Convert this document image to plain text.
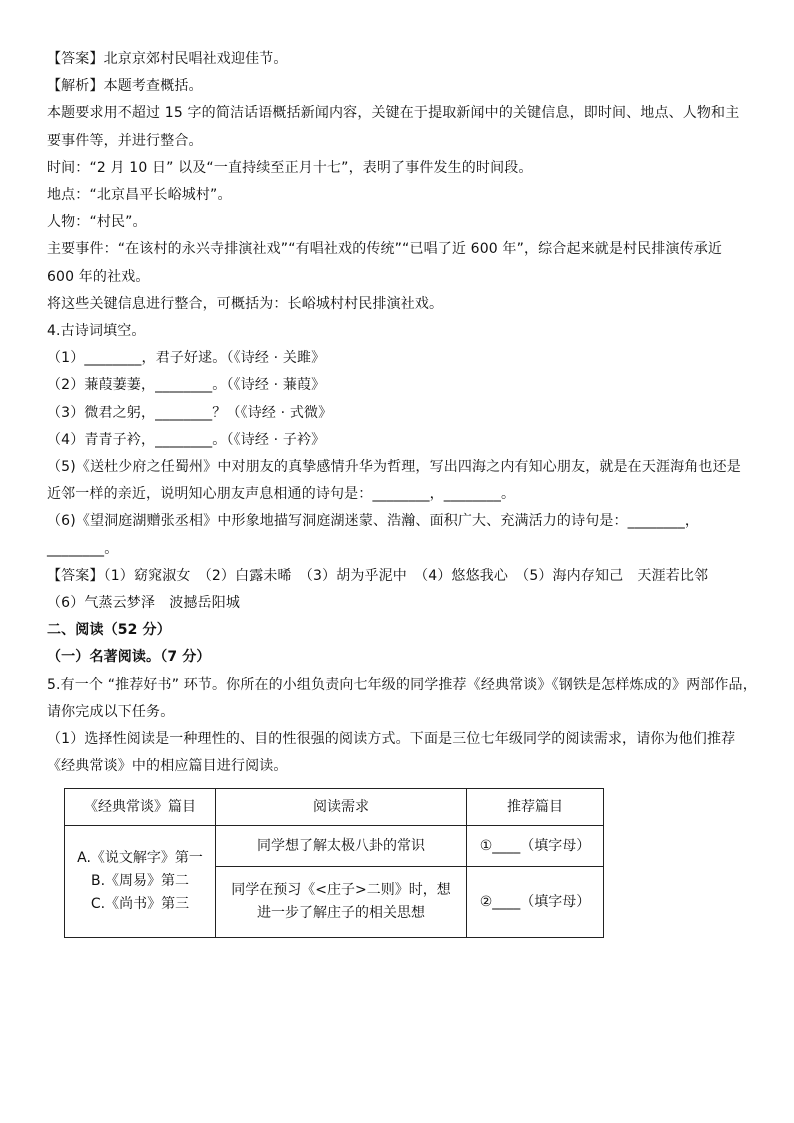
【答案】北京京郊村民唱社戏迎佳节。
【解析】本题考查概括。
本题要求用不超过 15 字的简洁话语概括新闻内容，关键在于提取新闻中的关键信息，即时间、地点、人物和主
要事件等，并进行整合。
时间：“2 月 10 日” 以及“一直持续至正月十七”，表明了事件发生的时间段。
地点：“北京昌平长峪城村”。
人物：“村民”。
主要事件：“在该村的永兴寺排演社戏”“有唱社戏的传统”“已唱了近 600 年”，综合起来就是村民排演传承近
600 年的社戏。
将这些关键信息进行整合，可概括为：长峪城村村民排演社戏。
4.古诗词填空。
（1）________，君子好逑。（《诗经 · 关雎》
（2）蒹葭萋萋，________。（《诗经 · 蒹葭》
（3）微君之躬，________？（《诗经 · 式微》
（4）青青子衿，________。（《诗经 · 子衿》
（5)《送杜少府之任蜀州》中对朋友的真挚感情升华为哲理，写出四海之内有知心朋友，就是在天涯海角也还是
近邻一样的亲近，说明知心朋友声息相通的诗句是：________，________。
（6)《望洞庭湖赠张丞相》中形象地描写洞庭湖迷蒙、浩瀚、面积广大、充满活力的诗句是：________，
________。
【答案】（1）窈窕淑女　（2）白露未晞　（3）胡为乎泥中　（4）悠悠我心　（5）海内存知己　天涯若比邻
（6）气蒸云梦泽　波撼岳阳城
二、阅读（52 分）
（一）名著阅读。（7 分）
5.有一个 “推荐好书” 环节。你所在的小组负责向七年级的同学推荐《经典常谈》《钢铁是怎样炼成的》两部作品，
请你完成以下任务。
（1）选择性阅读是一种理性的、目的性很强的阅读方式。下面是三位七年级同学的阅读需求，请你为他们推荐
《经典常谈》中的相应篇目进行阅读。
《经典常谈》篇目	阅读需求	推荐篇目

A.《说文解字》第一
B.《周易》第二
C.《尚书》第三	同学想了解太极八卦的常识	①____（填字母）

	同学在预习《<庄子>二则》时，想
进一步了解庄子的相关思想	②____（填字母）
